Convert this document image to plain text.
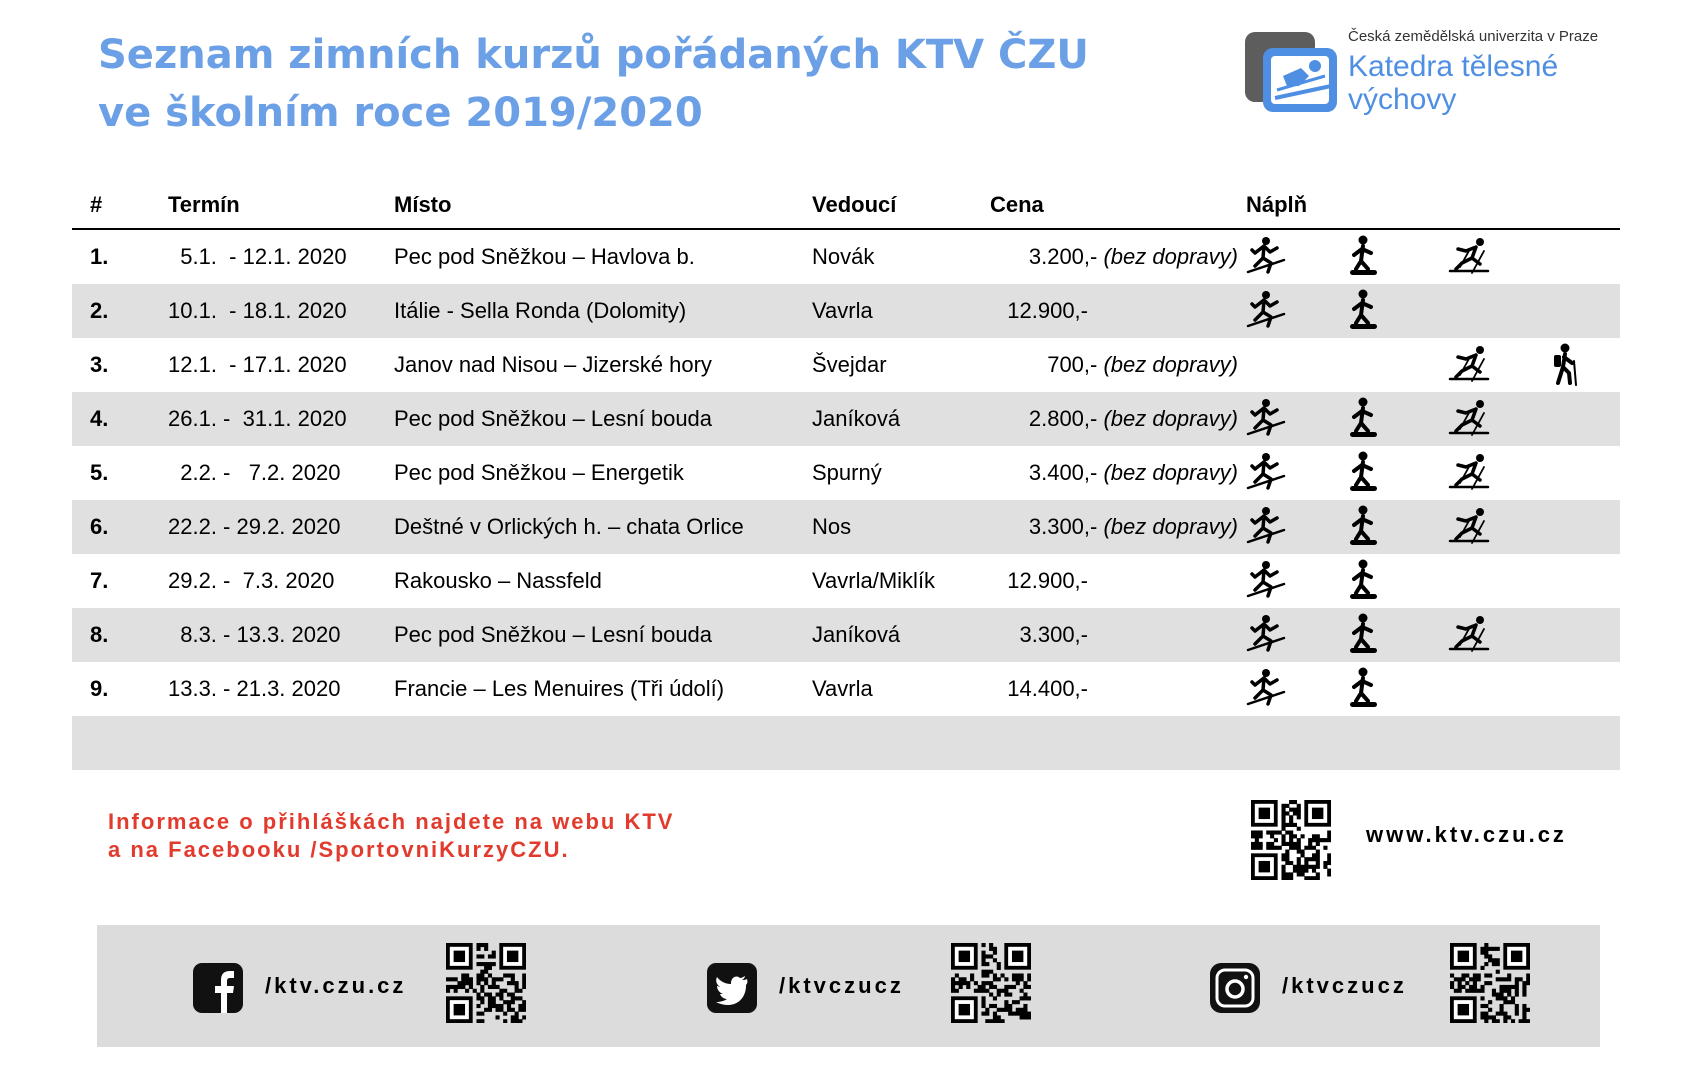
Seznam zimních kurzů pořádaných KTV ČZU
ve školním roce 2019/2020
Česká zemědělská univerzita v Praze
Katedra tělesné
výchovy
#	Termín	Místo	Vedoucí	Cena	Náplň			
1.	5.1.  - 12.1. 2020	Pec pod Sněžkou – Havlova b.	Novák	3.200,- (bez dopravy)				
2.	10.1.  - 18.1. 2020	Itálie - Sella Ronda (Dolomity)	Vavrla	12.900,-				
3.	12.1.  - 17.1. 2020	Janov nad Nisou – Jizerské hory	Švejdar	700,- (bez dopravy)				
4.	26.1. -  31.1. 2020	Pec pod Sněžkou – Lesní bouda	Janíková	2.800,- (bez dopravy)				
5.	2.2. -   7.2. 2020	Pec pod Sněžkou – Energetik	Spurný	3.400,- (bez dopravy)				
6.	22.2. - 29.2. 2020	Deštné v Orlických h. – chata Orlice	Nos	3.300,- (bez dopravy)				
7.	29.2. -  7.3. 2020	Rakousko – Nassfeld	Vavrla/Miklík	12.900,-				
8.	8.3. - 13.3. 2020	Pec pod Sněžkou – Lesní bouda	Janíková	3.300,-				
9.	13.3. - 21.3. 2020	Francie – Les Menuires (Tři údolí)	Vavrla	14.400,-				

Informace o přihláškách najdete na webu KTV
a na Facebooku /SportovniKurzyCZU.

www.ktv.czu.cz
/ktv.czu.cz	/ktvczucz	/ktvczucz
